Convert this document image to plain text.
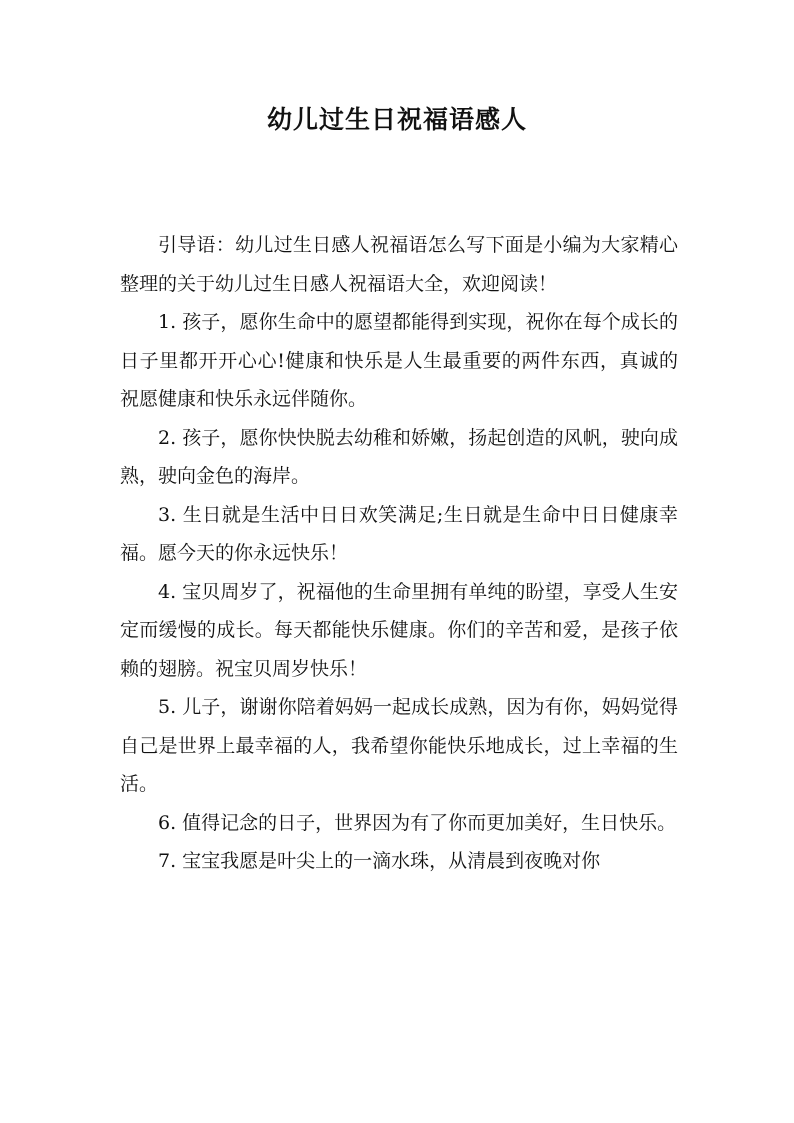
幼儿过生日祝福语感人

引导语：幼儿过生日感人祝福语怎么写下面是小编为大家精心整理的关于幼儿过生日感人祝福语大全，欢迎阅读！

1. 孩子，愿你生命中的愿望都能得到实现，祝你在每个成长的日子里都开开心心!健康和快乐是人生最重要的两件东西，真诚的祝愿健康和快乐永远伴随你。

2. 孩子，愿你快快脱去幼稚和娇嫩，扬起创造的风帆，驶向成熟，驶向金色的海岸。

3. 生日就是生活中日日欢笑满足;生日就是生命中日日健康幸福。愿今天的你永远快乐！

4. 宝贝周岁了，祝福他的生命里拥有单纯的盼望，享受人生安定而缓慢的成长。每天都能快乐健康。你们的辛苦和爱，是孩子依赖的翅膀。祝宝贝周岁快乐！

5. 儿子，谢谢你陪着妈妈一起成长成熟，因为有你，妈妈觉得自己是世界上最幸福的人，我希望你能快乐地成长，过上幸福的生活。

6. 值得记念的日子，世界因为有了你而更加美好，生日快乐。

7. 宝宝我愿是叶尖上的一滴水珠，从清晨到夜晚对你
